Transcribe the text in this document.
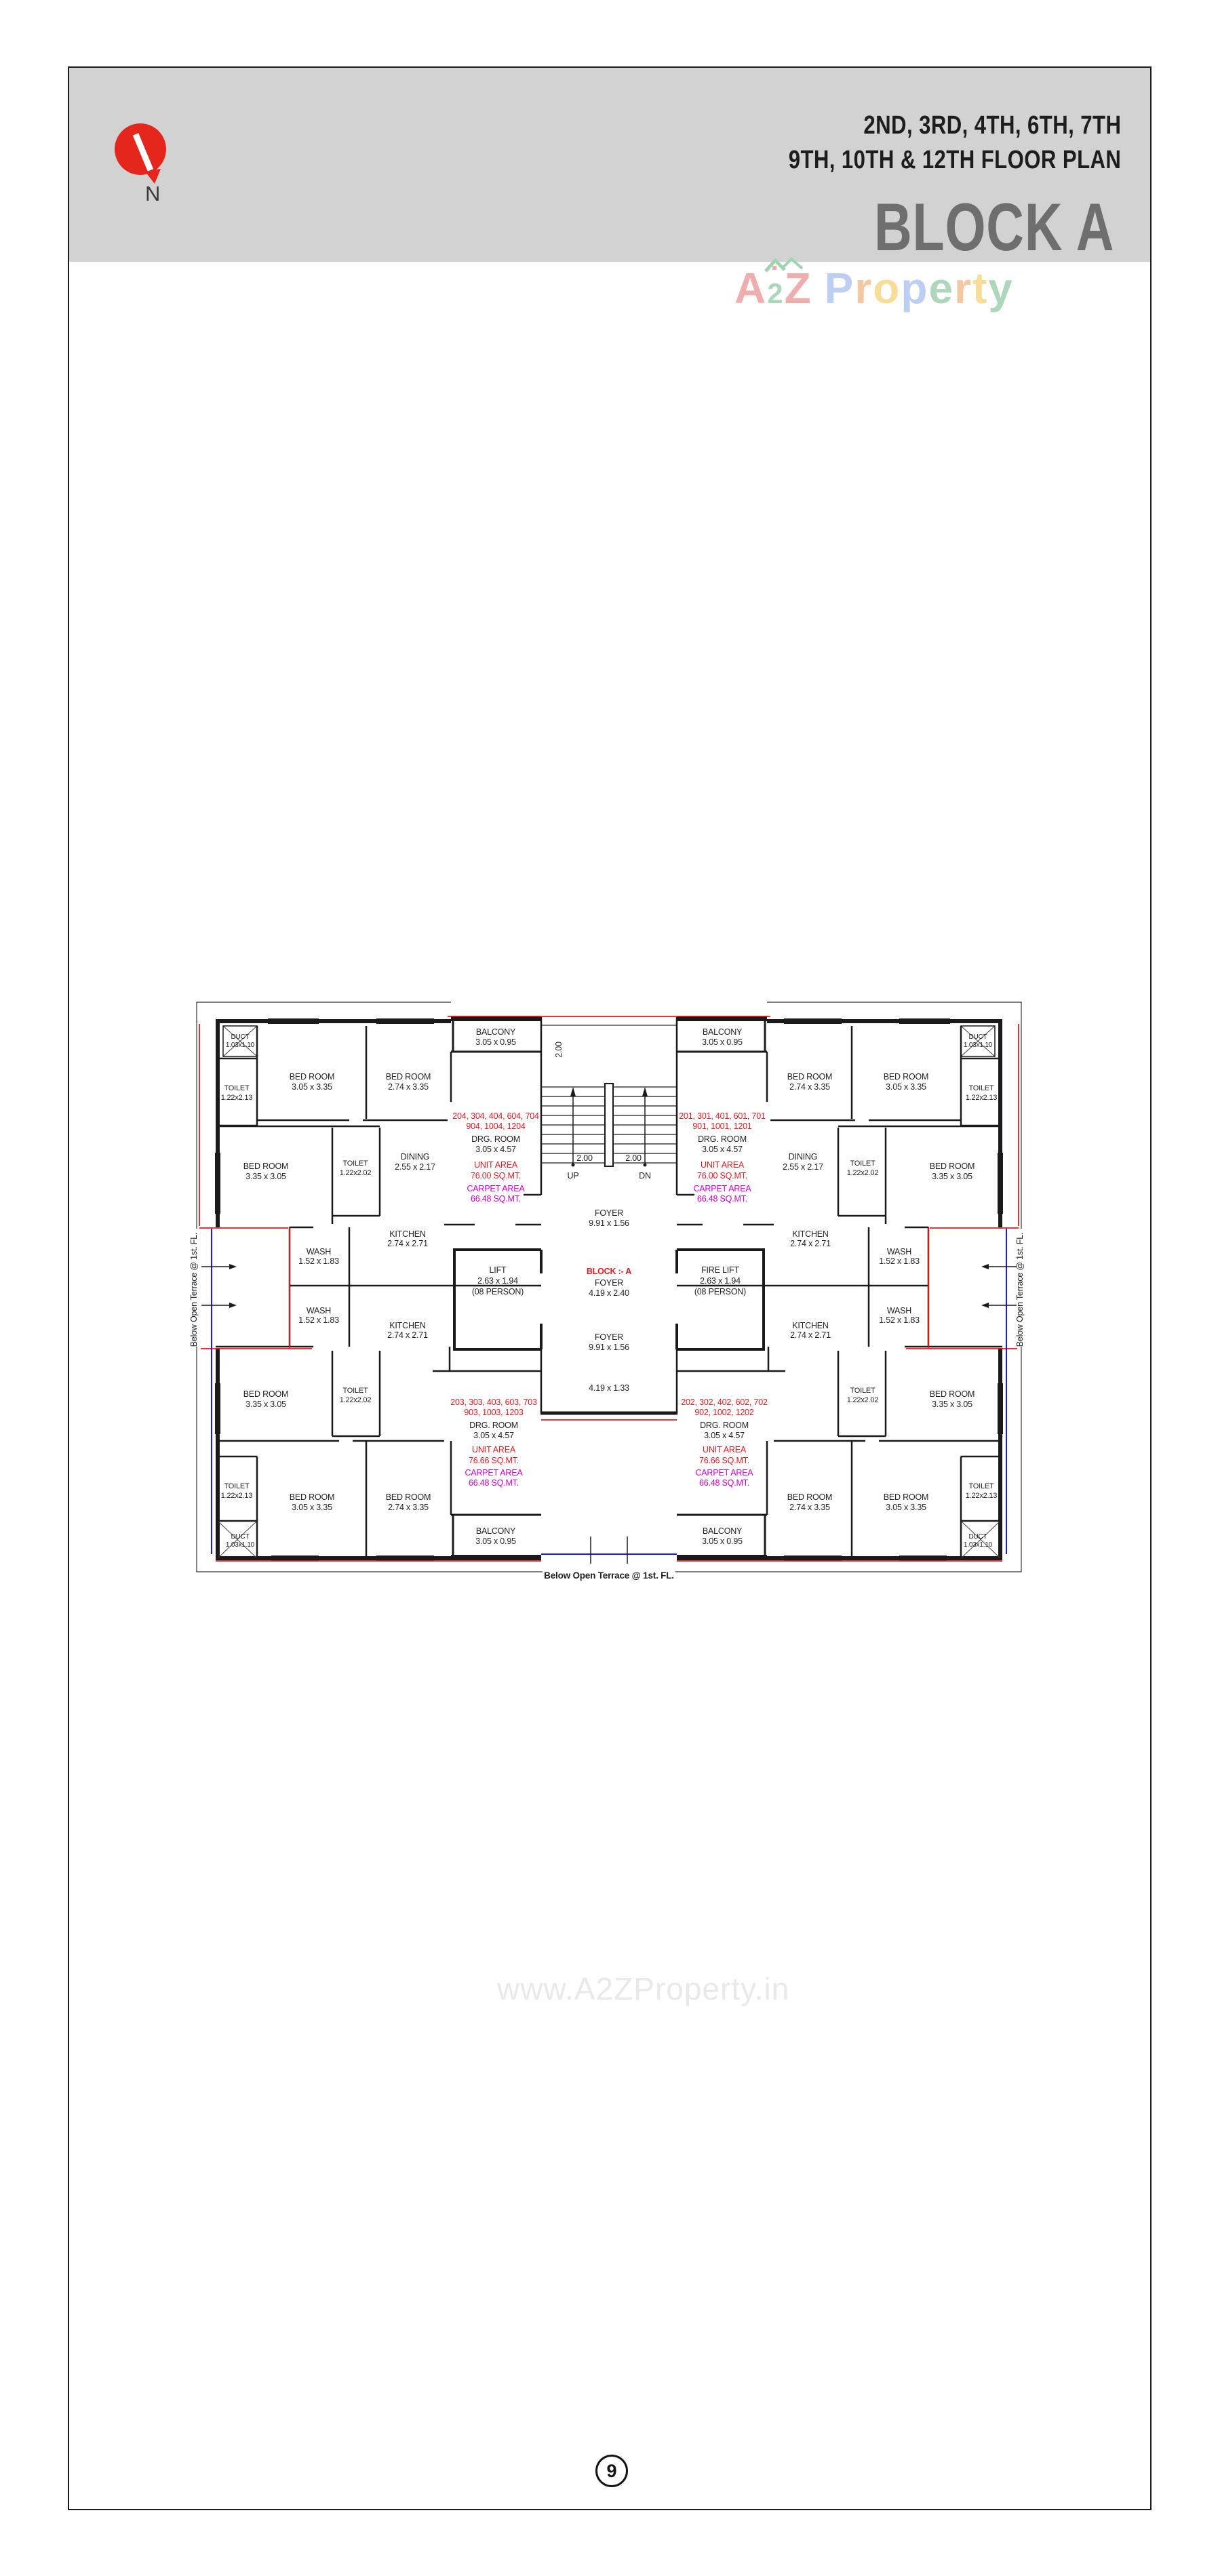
N
2ND, 3RD, 4TH, 6TH, 7TH
9TH, 10TH & 12TH FLOOR PLAN
BLOCK A
A2Z Property
2.00
2.00	2.00
UP	DN
FOYER
9.91 x 1.56
LIFT
2.63 x 1.94
(08 PERSON)
FIRE LIFT
2.63 x 1.94
(08 PERSON)
BLOCK :- A
FOYER
4.19 x 2.40
FOYER
9.91 x 1.56
4.19 x 1.33
Below Open Terrace @ 1st. FL.
Below Open Terrace @ 1st. FL.	Below Open Terrace @ 1st. FL.
DUCT
1.03x1.10
TOILET
1.22x2.13
BED ROOM
3.05 x 3.35
BED ROOM
2.74 x 3.35
BALCONY
3.05 x 0.95
204, 304, 404, 604, 704
904, 1004, 1204
DRG. ROOM
3.05 x 4.57
UNIT AREA
76.00 SQ.MT.
CARPET AREA
66.48 SQ.MT.
BED ROOM
3.35 x 3.05
TOILET
1.22x2.02
DINING
2.55 x 2.17
WASH
1.52 x 1.83
KITCHEN
2.74 x 2.71
DUCT
1.03x1.10
TOILET
1.22x2.13
BED ROOM
3.05 x 3.35
BED ROOM
2.74 x 3.35
BALCONY
3.05 x 0.95
201, 301, 401, 601, 701
901, 1001, 1201
DRG. ROOM
3.05 x 4.57
UNIT AREA
76.00 SQ.MT.
CARPET AREA
66.48 SQ.MT.
BED ROOM
3.35 x 3.05
TOILET
1.22x2.02
DINING
2.55 x 2.17
WASH
1.52 x 1.83
KITCHEN
2.74 x 2.71
WASH
1.52 x 1.83
KITCHEN
2.74 x 2.71
TOILET
1.22x2.02
BED ROOM
3.35 x 3.05	203, 303, 403, 603, 703
903, 1003, 1203
DRG. ROOM
3.05 x 4.57
UNIT AREA
76.66 SQ.MT.
CARPET AREA
66.48 SQ.MT.
TOILET
1.22x2.13
DUCT
1.03x1.10
BED ROOM
3.05 x 3.35
BED ROOM
2.74 x 3.35
BALCONY
3.05 x 0.95
WASH
1.52 x 1.83
KITCHEN
2.74 x 2.71
TOILET
1.22x2.02
BED ROOM
3.35 x 3.05
202, 302, 402, 602, 702
902, 1002, 1202
DRG. ROOM
3.05 x 4.57
UNIT AREA
76.66 SQ.MT.
CARPET AREA
66.48 SQ.MT.	TOILET
1.22x2.13
DUCT
1.03x1.10
BED ROOM
3.05 x 3.35
BED ROOM
2.74 x 3.35
BALCONY
3.05 x 0.95
www.A2ZProperty.in
9
